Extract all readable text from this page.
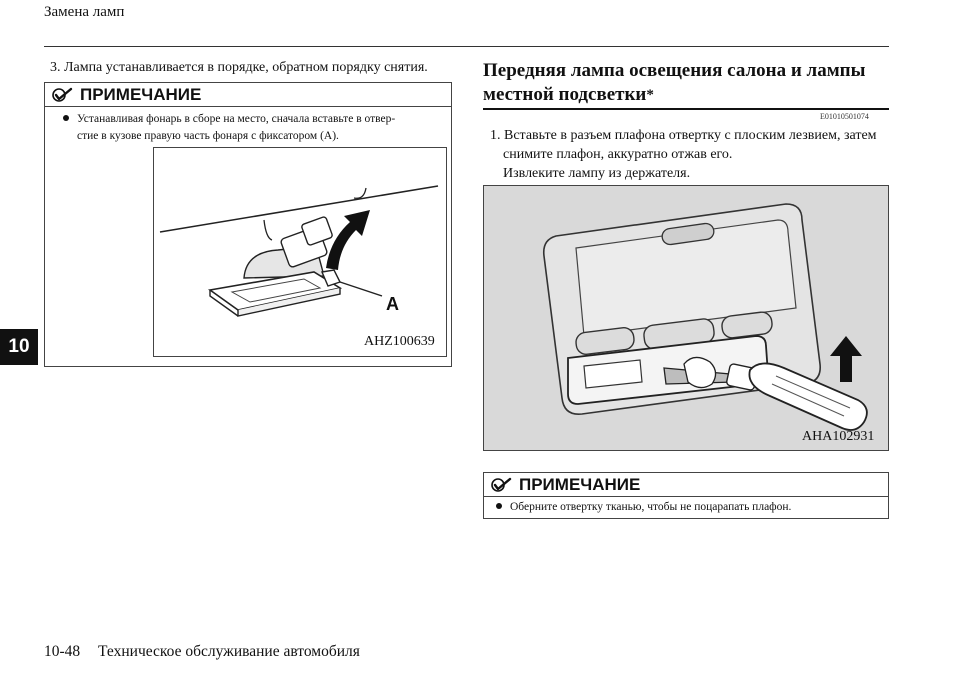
Замена ламп
10
3. Лампа устанавливается в порядке, обратном порядку снятия.
ПРИМЕЧАНИЕ
Устанавливая фонарь в сборе на место, сначала вставьте в отвер-
стие в кузове правую часть фонаря с фиксатором (A).
A
AHZ100639
Передняя лампа освещения салона и лампы
местной подсветки*
E01010501074
1. Вставьте в разъем плафона отвертку с плоским лезвием, затем
снимите плафон, аккуратно отжав его.
Извлеките лампу из держателя.
AHA102931
ПРИМЕЧАНИЕ
Оберните отвертку тканью, чтобы не поцарапать плафон.
10-48 Техническое обслуживание автомобиля
